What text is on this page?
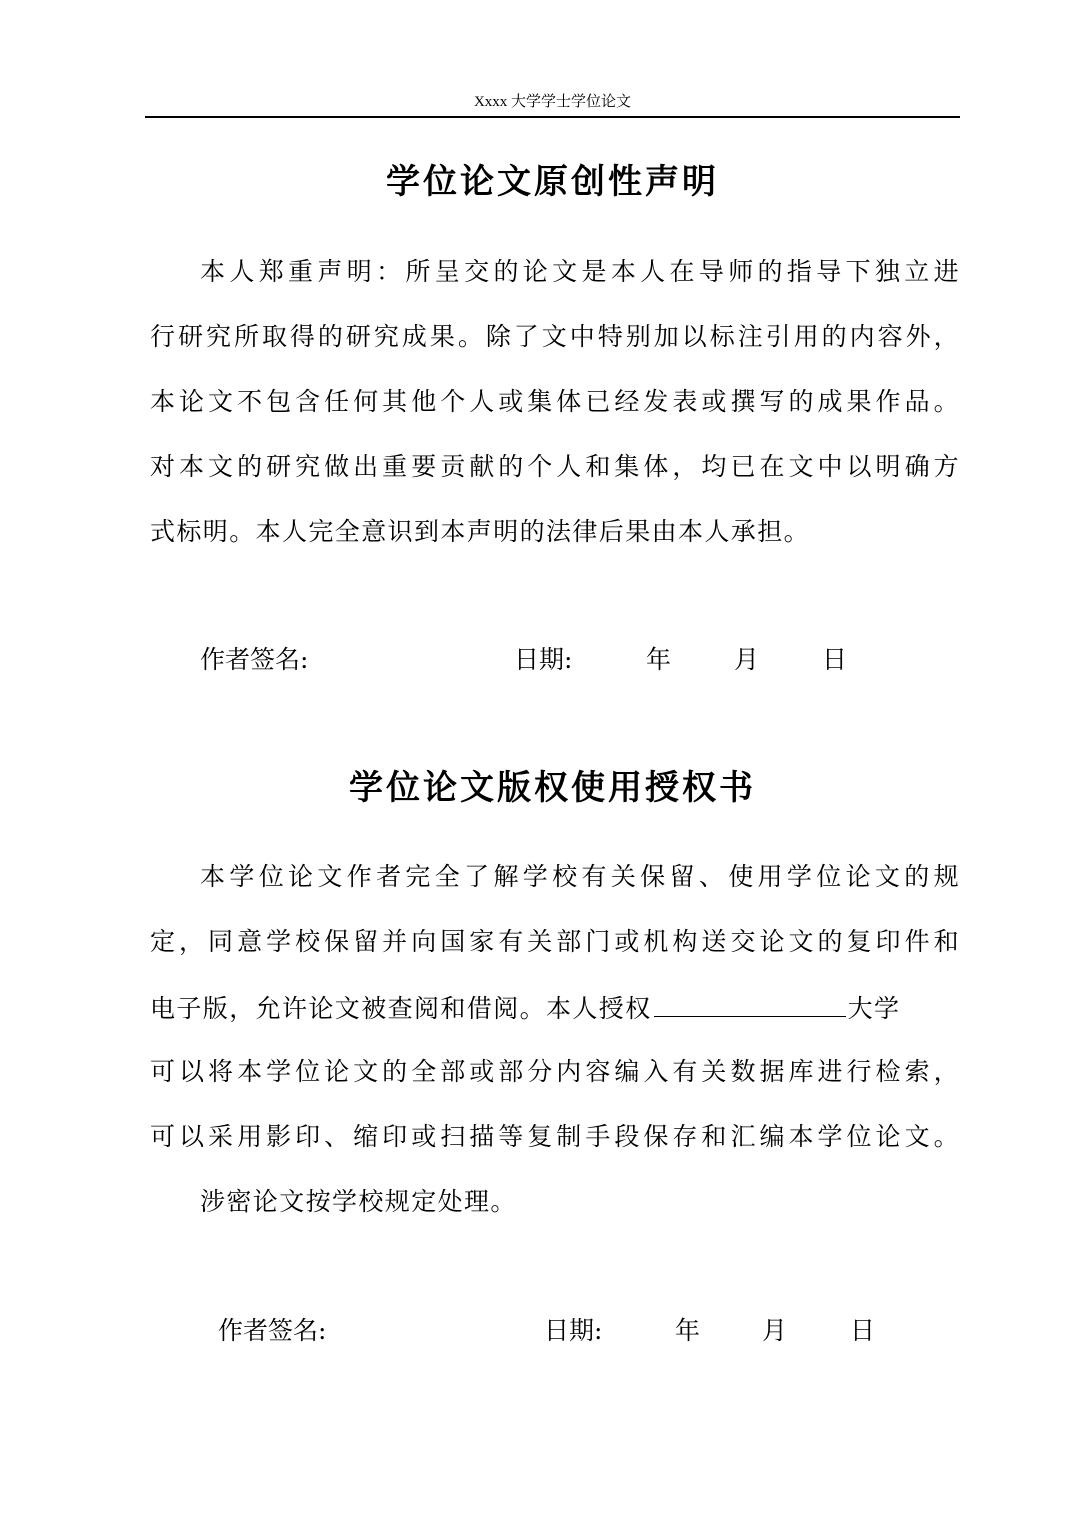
Xxxx 大学学士学位论文
学位论文原创性声明
本人郑重声明：所呈交的论文是本人在导师的指导下独立进
行研究所取得的研究成果。除了文中特别加以标注引用的内容外，
本论文不包含任何其他个人或集体已经发表或撰写的成果作品。
对本文的研究做出重要贡献的个人和集体，均已在文中以明确方
式标明。本人完全意识到本声明的法律后果由本人承担。
作者签名:	日期:	年	月	日
学位论文版权使用授权书
本学位论文作者完全了解学校有关保留、使用学位论文的规
定，同意学校保留并向国家有关部门或机构送交论文的复印件和
电子版，允许论文被查阅和借阅。本人授权	大学
可以将本学位论文的全部或部分内容编入有关数据库进行检索，
可以采用影印、缩印或扫描等复制手段保存和汇编本学位论文。
涉密论文按学校规定处理。
作者签名:	日期:	年 月	日
